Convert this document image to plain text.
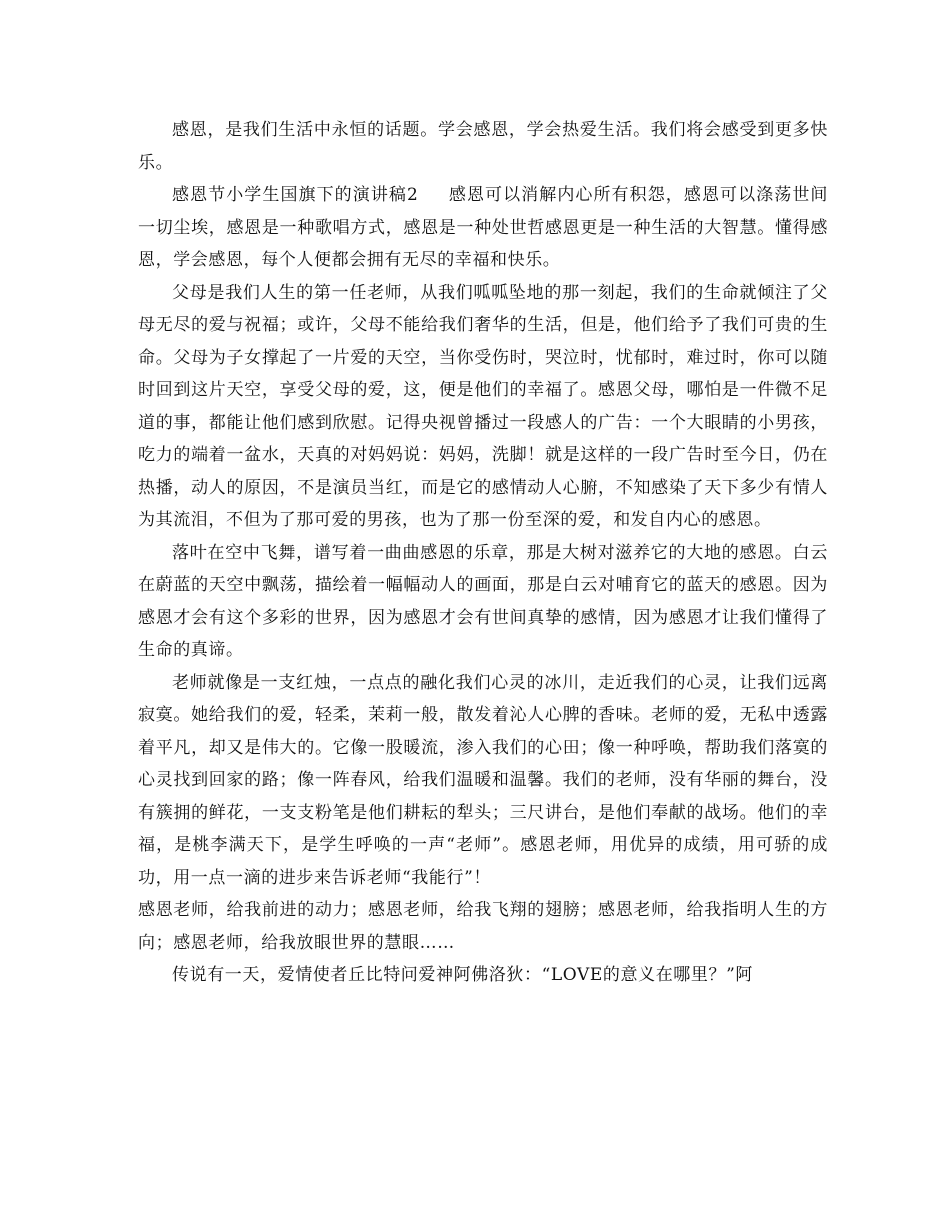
感恩，是我们生活中永恒的话题。学会感恩，学会热爱生活。我们将会感受到更多快乐。

感恩节小学生国旗下的演讲稿2 感恩可以消解内心所有积怨，感恩可以涤荡世间一切尘埃，感恩是一种歌唱方式，感恩是一种处世哲感恩更是一种生活的大智慧。懂得感恩，学会感恩，每个人便都会拥有无尽的幸福和快乐。

父母是我们人生的第一任老师，从我们呱呱坠地的那一刻起，我们的生命就倾注了父母无尽的爱与祝福；或许，父母不能给我们奢华的生活，但是，他们给予了我们可贵的生命。父母为子女撑起了一片爱的天空，当你受伤时，哭泣时，忧郁时，难过时，你可以随时回到这片天空，享受父母的爱，这，便是他们的幸福了。感恩父母，哪怕是一件微不足道的事，都能让他们感到欣慰。记得央视曾播过一段感人的广告：一个大眼睛的小男孩，吃力的端着一盆水，天真的对妈妈说：妈妈，洗脚！就是这样的一段广告时至今日，仍在热播，动人的原因，不是演员当红，而是它的感情动人心腑，不知感染了天下多少有情人为其流泪，不但为了那可爱的男孩，也为了那一份至深的爱，和发自内心的感恩。

落叶在空中飞舞，谱写着一曲曲感恩的乐章，那是大树对滋养它的大地的感恩。白云在蔚蓝的天空中飘荡，描绘着一幅幅动人的画面，那是白云对哺育它的蓝天的感恩。因为感恩才会有这个多彩的世界，因为感恩才会有世间真挚的感情，因为感恩才让我们懂得了生命的真谛。

老师就像是一支红烛，一点点的融化我们心灵的冰川，走近我们的心灵，让我们远离寂寞。她给我们的爱，轻柔，茉莉一般，散发着沁人心脾的香味。老师的爱，无私中透露着平凡，却又是伟大的。它像一股暖流，渗入我们的心田；像一种呼唤，帮助我们落寞的心灵找到回家的路；像一阵春风，给我们温暖和温馨。我们的老师，没有华丽的舞台，没有簇拥的鲜花，一支支粉笔是他们耕耘的犁头；三尺讲台，是他们奉献的战场。他们的幸福，是桃李满天下，是学生呼唤的一声“老师”。感恩老师，用优异的成绩，用可骄的成功，用一点一滴的进步来告诉老师“我能行”！

感恩老师，给我前进的动力；感恩老师，给我飞翔的翅膀；感恩老师，给我指明人生的方向；感恩老师，给我放眼世界的慧眼……

传说有一天，爱情使者丘比特问爱神阿佛洛狄：“LOVE的意义在哪里？”阿
